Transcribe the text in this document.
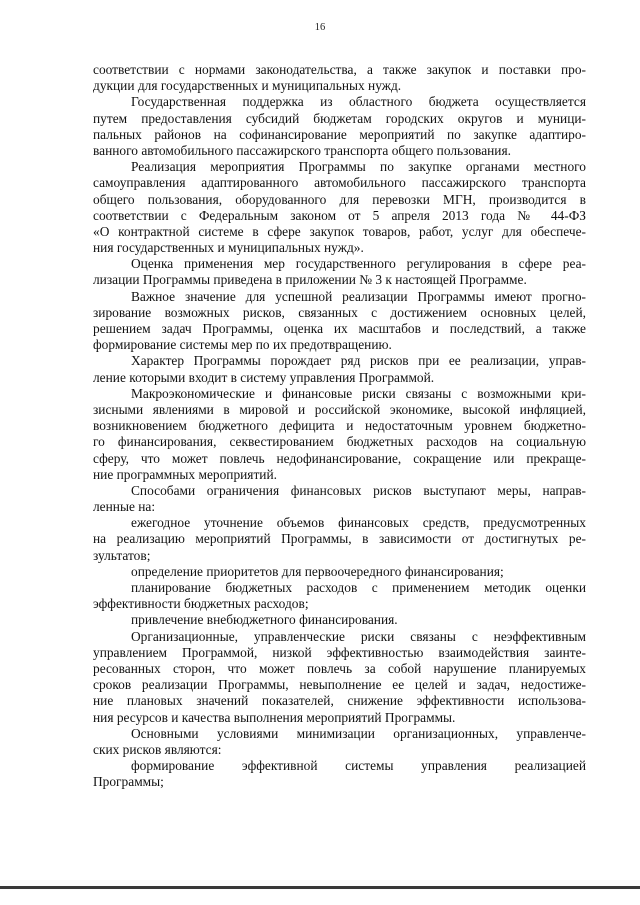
16
соответствии с нормами законодательства, а также закупок и поставки про-
дукции для государственных и муниципальных нужд.
Государственная поддержка из областного бюджета осуществляется
путем предоставления субсидий бюджетам городских округов и муници-
пальных районов на софинансирование мероприятий по закупке адаптиро-
ванного автомобильного пассажирского транспорта общего пользования.
Реализация мероприятия Программы по закупке органами местного
самоуправления адаптированного автомобильного пассажирского транспорта
общего пользования, оборудованного для перевозки МГН, производится в
соответствии с Федеральным законом от 5 апреля 2013 года № 44-ФЗ
«О контрактной системе в сфере закупок товаров, работ, услуг для обеспече-
ния государственных и муниципальных нужд».
Оценка применения мер государственного регулирования в сфере реа-
лизации Программы приведена в приложении № 3 к настоящей Программе.
Важное значение для успешной реализации Программы имеют прогно-
зирование возможных рисков, связанных с достижением основных целей,
решением задач Программы, оценка их масштабов и последствий, а также
формирование системы мер по их предотвращению.
Характер Программы порождает ряд рисков при ее реализации, управ-
ление которыми входит в систему управления Программой.
Макроэкономические и финансовые риски связаны с возможными кри-
зисными явлениями в мировой и российской экономике, высокой инфляцией,
возникновением бюджетного дефицита и недостаточным уровнем бюджетно-
го финансирования, секвестированием бюджетных расходов на социальную
сферу, что может повлечь недофинансирование, сокращение или прекраще-
ние программных мероприятий.
Способами ограничения финансовых рисков выступают меры, направ-
ленные на:
ежегодное уточнение объемов финансовых средств, предусмотренных
на реализацию мероприятий Программы, в зависимости от достигнутых ре-
зультатов;
определение приоритетов для первоочередного финансирования;
планирование бюджетных расходов с применением методик оценки
эффективности бюджетных расходов;
привлечение внебюджетного финансирования.
Организационные, управленческие риски связаны с неэффективным
управлением Программой, низкой эффективностью взаимодействия заинте-
ресованных сторон, что может повлечь за собой нарушение планируемых
сроков реализации Программы, невыполнение ее целей и задач, недостиже-
ние плановых значений показателей, снижение эффективности использова-
ния ресурсов и качества выполнения мероприятий Программы.
Основными условиями минимизации организационных, управленче-
ских рисков являются:
формирование эффективной системы управления реализацией
Программы;
